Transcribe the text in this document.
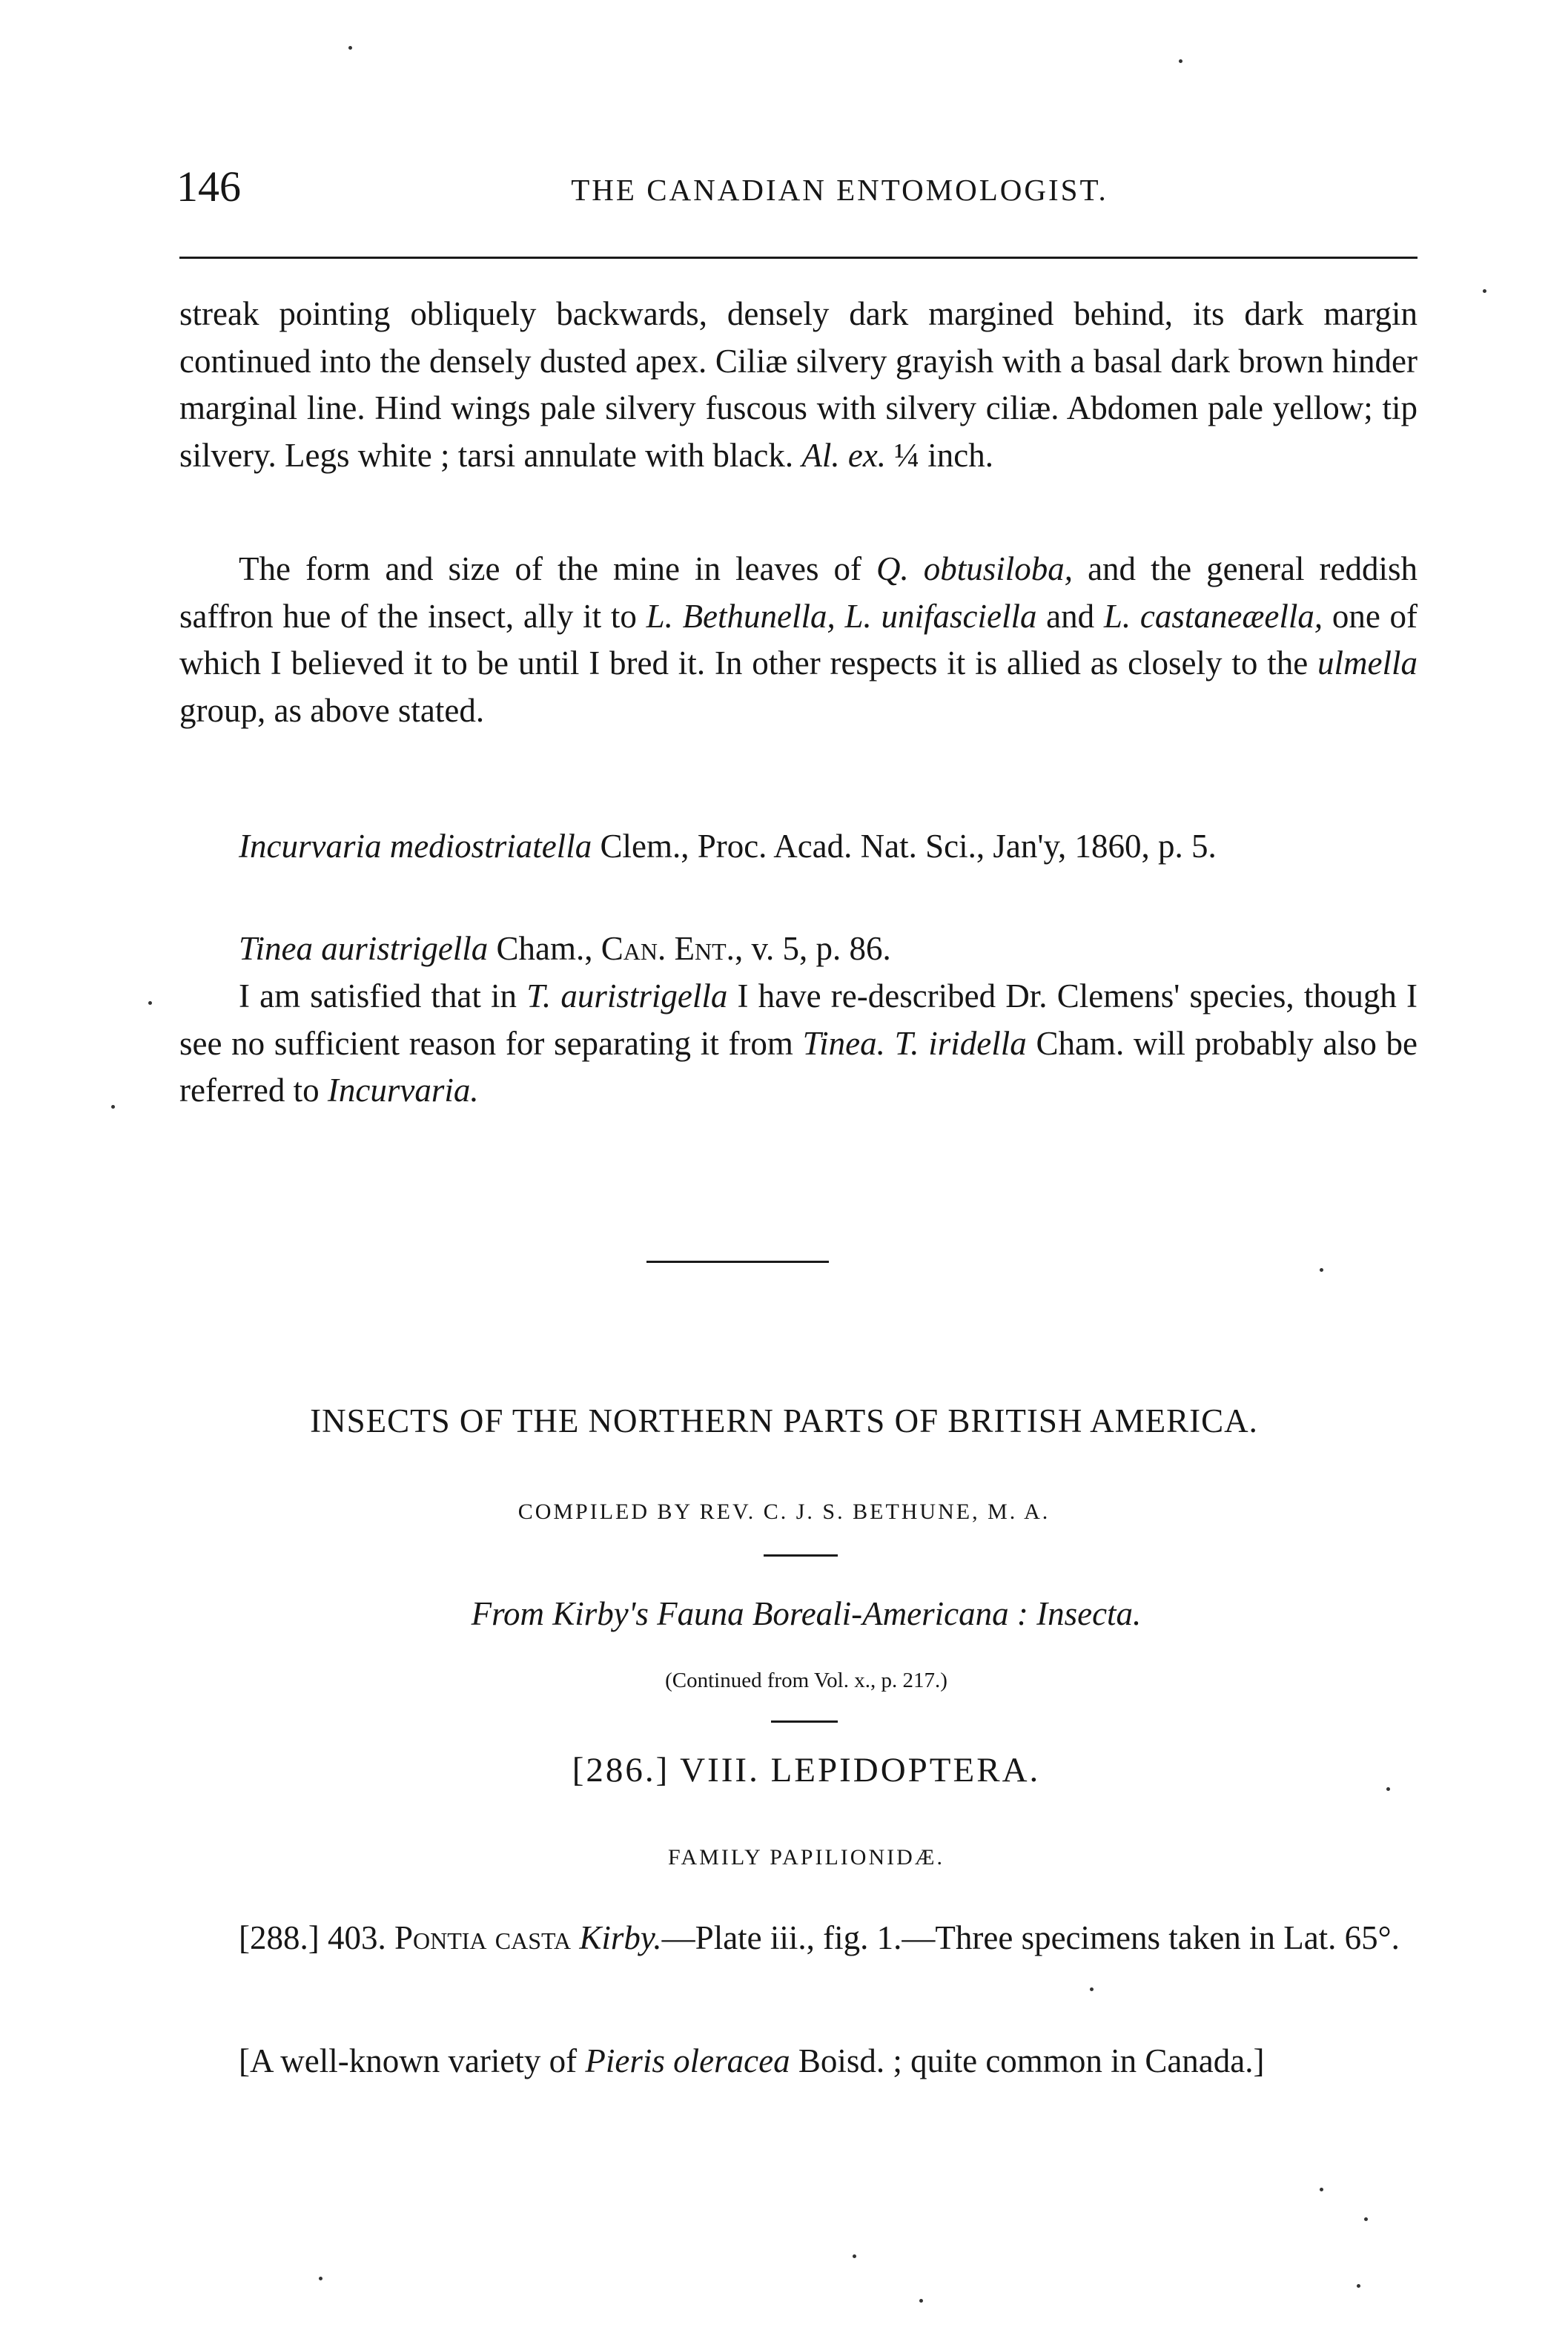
146	THE CANADIAN ENTOMOLOGIST.
streak pointing obliquely backwards, densely dark margined behind, its dark margin continued into the densely dusted apex. Ciliæ silvery grayish with a basal dark brown hinder marginal line. Hind wings pale silvery fuscous with silvery ciliæ. Abdomen pale yellow; tip silvery. Legs white ; tarsi annulate with black. Al. ex. ¼ inch.
The form and size of the mine in leaves of Q. obtusiloba, and the general reddish saffron hue of the insect, ally it to L. Bethunella, L. unifasciella and L. castaneæella, one of which I believed it to be until I bred it. In other respects it is allied as closely to the ulmella group, as above stated.
Incurvaria mediostriatella Clem., Proc. Acad. Nat. Sci., Jan'y, 1860, p. 5.
Tinea auristrigella Cham., Can. Ent., v. 5, p. 86.
I am satisfied that in T. auristrigella I have re-described Dr. Clemens' species, though I see no sufficient reason for separating it from Tinea. T. iridella Cham. will probably also be referred to Incurvaria.
INSECTS OF THE NORTHERN PARTS OF BRITISH AMERICA.
COMPILED BY REV. C. J. S. BETHUNE, M. A.
From Kirby's Fauna Boreali-Americana : Insecta.
(Continued from Vol. x., p. 217.)
[286.] VIII. LEPIDOPTERA.
FAMILY PAPILIONIDÆ.
[288.] 403. Pontia casta Kirby.—Plate iii., fig. 1.—Three specimens taken in Lat. 65°.
[A well-known variety of Pieris oleracea Boisd. ; quite common in Canada.]
